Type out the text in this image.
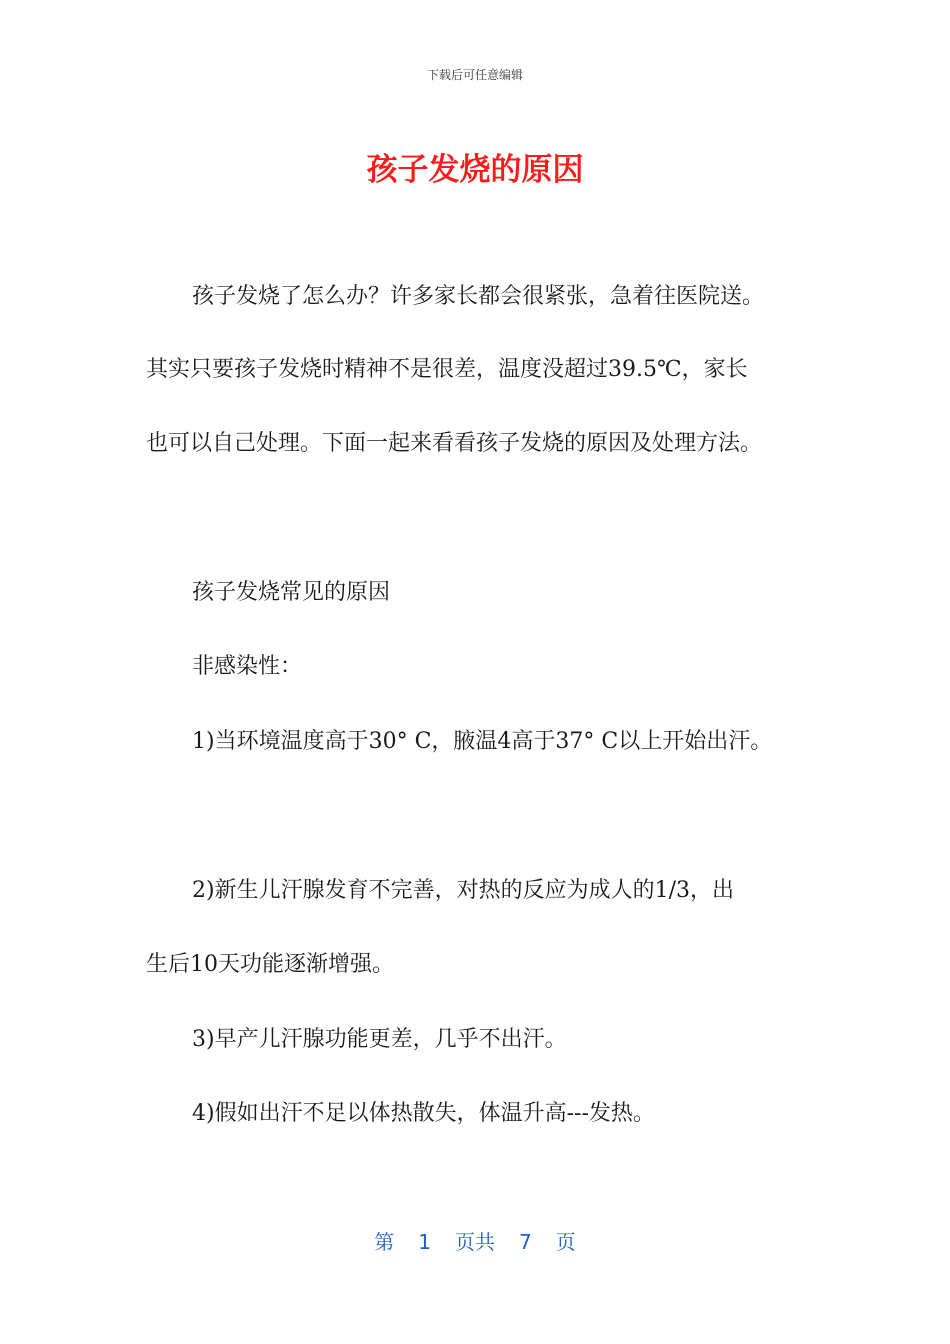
下载后可任意编辑
孩子发烧的原因
孩子发烧了怎么办？许多家长都会很紧张，急着往医院送。
其实只要孩子发烧时精神不是很差，温度没超过39.5℃，家长
也可以自己处理。下面一起来看看孩子发烧的原因及处理方法。
孩子发烧常见的原因
非感染性：
1)当环境温度高于30° C，腋温4高于37° C以上开始出汗。
2)新生儿汗腺发育不完善，对热的反应为成人的1/3，出
生后10天功能逐渐增强。
3)早产儿汗腺功能更差，几乎不出汗。
4)假如出汗不足以体热散失，体温升高---发热。
第 1 页共 7 页
